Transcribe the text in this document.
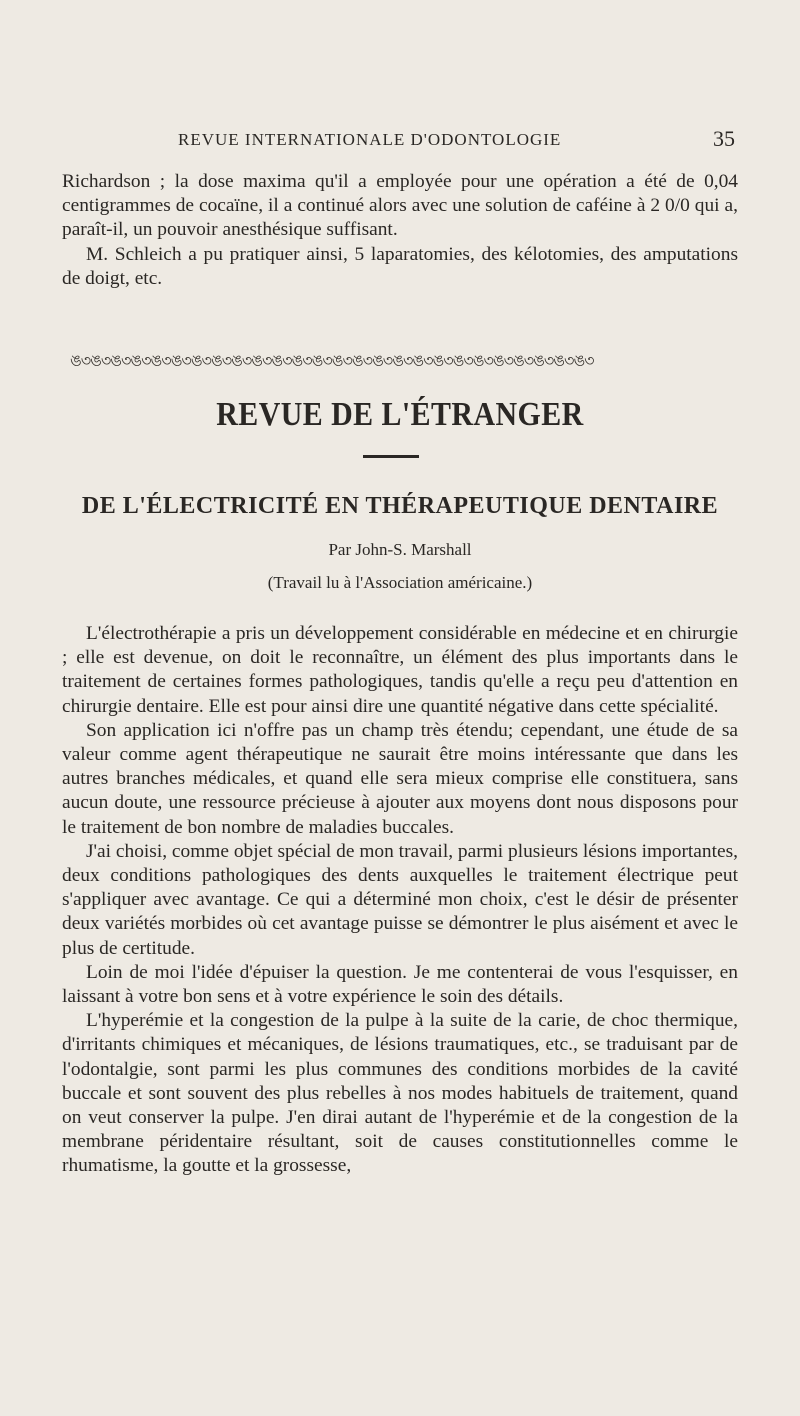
REVUE INTERNATIONALE D'ODONTOLOGIE	35

Richardson ; la dose maxima qu'il a employée pour une opération a été de 0,04 centigrammes de cocaïne, il a continué alors avec une solution de caféine à 2 0/0 qui a, paraît-il, un pouvoir anesthésique suffisant.

M. Schleich a pu pratiquer ainsi, 5 laparatomies, des kélotomies, des amputations de doigt, etc.

ঙ৩ঙ৩ঙ৩ঙ৩ঙ৩ঙ৩ঙ৩ঙ৩ঙ৩ঙ৩ঙ৩ঙ৩ঙ৩ঙ৩ঙ৩ঙ৩ঙ৩ঙ৩ঙ৩ঙ৩ঙ৩ঙ৩ঙ৩ঙ৩ঙ৩ঙ৩
REVUE DE L'ÉTRANGER
DE L'ÉLECTRICITÉ EN THÉRAPEUTIQUE DENTAIRE
Par John-S. Marshall
(Travail lu à l'Association américaine.)

L'électrothérapie a pris un développement considérable en médecine et en chirurgie ; elle est devenue, on doit le reconnaître, un élément des plus importants dans le traitement de certaines formes pathologiques, tandis qu'elle a reçu peu d'attention en chirurgie dentaire. Elle est pour ainsi dire une quantité négative dans cette spécialité.

Son application ici n'offre pas un champ très étendu; cependant, une étude de sa valeur comme agent thérapeutique ne saurait être moins intéressante que dans les autres branches médicales, et quand elle sera mieux comprise elle constituera, sans aucun doute, une ressource précieuse à ajouter aux moyens dont nous disposons pour le traitement de bon nombre de maladies buccales.

J'ai choisi, comme objet spécial de mon travail, parmi plusieurs lésions importantes, deux conditions pathologiques des dents auxquelles le traitement électrique peut s'appliquer avec avantage. Ce qui a déterminé mon choix, c'est le désir de présenter deux variétés morbides où cet avantage puisse se démontrer le plus aisément et avec le plus de certitude.

Loin de moi l'idée d'épuiser la question. Je me contenterai de vous l'esquisser, en laissant à votre bon sens et à votre expérience le soin des détails.

L'hyperémie et la congestion de la pulpe à la suite de la carie, de choc thermique, d'irritants chimiques et mécaniques, de lésions traumatiques, etc., se traduisant par de l'odontalgie, sont parmi les plus communes des conditions morbides de la cavité buccale et sont souvent des plus rebelles à nos modes habituels de traitement, quand on veut conserver la pulpe. J'en dirai autant de l'hyperémie et de la congestion de la membrane péridentaire résultant, soit de causes constitutionnelles comme le rhumatisme, la goutte et la grossesse,
